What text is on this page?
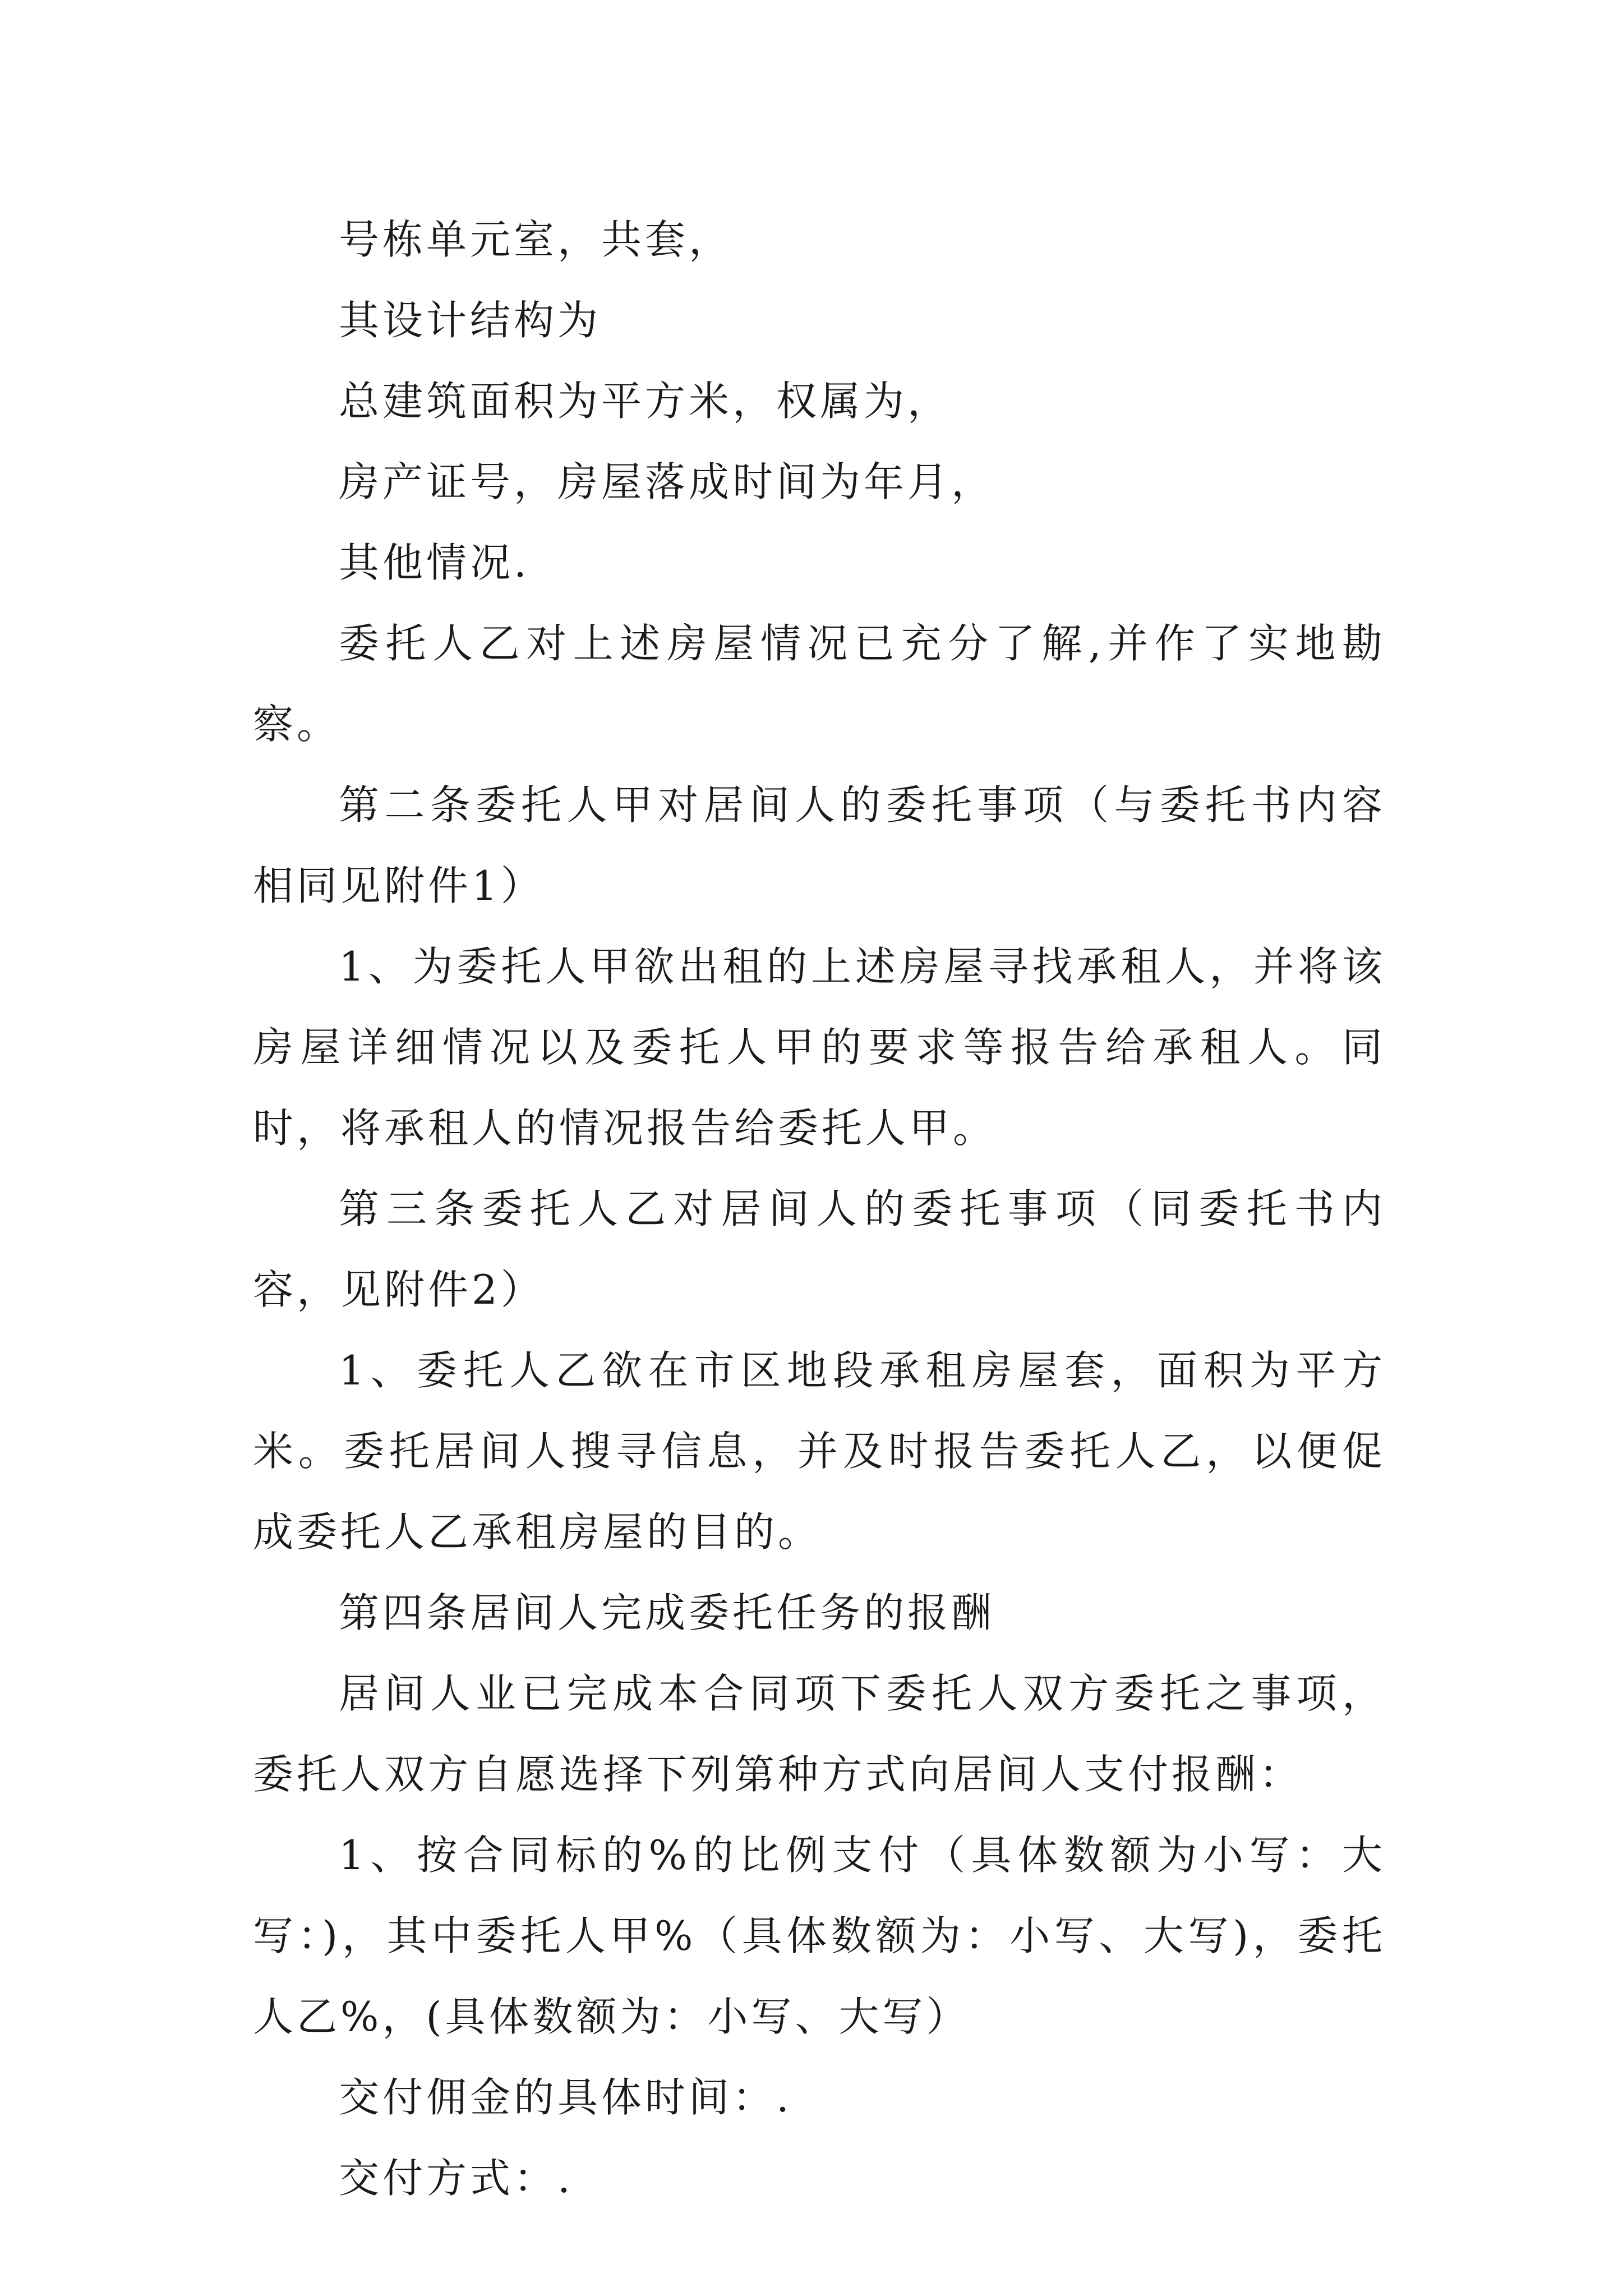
号栋单元室，共套，

其设计结构为

总建筑面积为平方米，权属为，

房产证号，房屋落成时间为年月，

其他情况.

委托人乙对上述房屋情况已充分了解,并作了实地勘察。

第二条委托人甲对居间人的委托事项（与委托书内容相同见附件1）

1、为委托人甲欲出租的上述房屋寻找承租人，并将该房屋详细情况以及委托人甲的要求等报告给承租人。同时，将承租人的情况报告给委托人甲。

第三条委托人乙对居间人的委托事项（同委托书内容，见附件2）

1、委托人乙欲在市区地段承租房屋套，面积为平方米。委托居间人搜寻信息，并及时报告委托人乙，以便促成委托人乙承租房屋的目的。

第四条居间人完成委托任务的报酬

居间人业已完成本合同项下委托人双方委托之事项，委托人双方自愿选择下列第种方式向居间人支付报酬：

1、按合同标的%的比例支付（具体数额为小写：大写：)，其中委托人甲%（具体数额为：小写、大写)，委托人乙%，(具体数额为：小写、大写）

交付佣金的具体时间：.

交付方式：.
